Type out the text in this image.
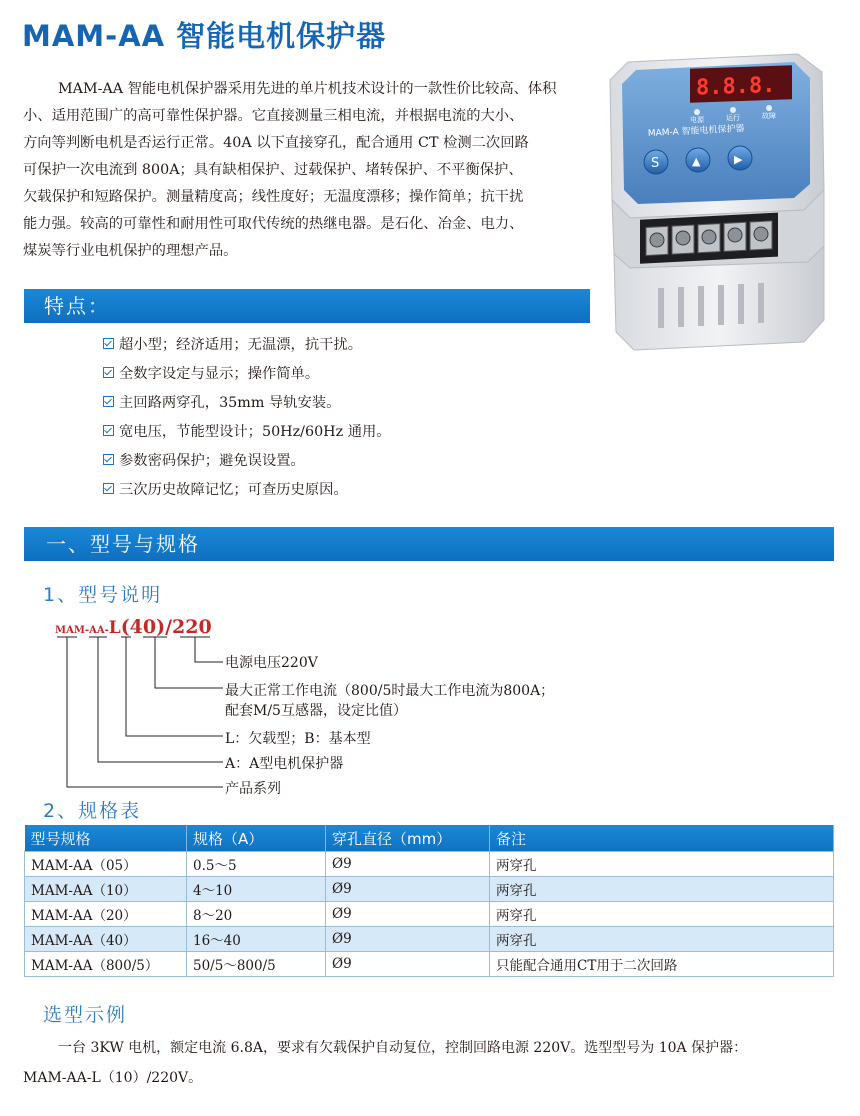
MAM-AA 智能电机保护器
MAM-AA 智能电机保护器采用先进的单片机技术设计的一款性价比较高、体积
小、适用范围广的高可靠性保护器。它直接测量三相电流，并根据电流的大小、
方向等判断电机是否运行正常。40A 以下直接穿孔，配合通用 CT 检测二次回路
可保护一次电流到 800A；具有缺相保护、过载保护、堵转保护、不平衡保护、
欠载保护和短路保护。测量精度高；线性度好；无温度漂移；操作简单；抗干扰
能力强。较高的可靠性和耐用性可取代传统的热继电器。是石化、冶金、电力、
煤炭等行业电机保护的理想产品。
8.8.8.
电源	运行	故障
MAM-A 智能电机保护器
S	▲	▶
特点：
超小型；经济适用；无温漂，抗干扰。
全数字设定与显示；操作简单。
主回路两穿孔，35mm 导轨安装。
宽电压，节能型设计；50Hz/60Hz 通用。
参数密码保护；避免误设置。
三次历史故障记忆；可查历史原因。
一、型号与规格
1、型号说明
MAM-AA-L(40)/220
电源电压220V
最大正常工作电流（800/5时最大工作电流为800A；
配套M/5互感器，设定比值）
L：欠载型；B：基本型
A：A型电机保护器
产品系列
2、规格表
型号规格	规格（A）	穿孔直径（mm）	备注
MAM-AA（05）	0.5～5	Ø9	两穿孔
MAM-AA（10）	4～10	Ø9	两穿孔
MAM-AA（20）	8～20	Ø9	两穿孔
MAM-AA（40）	16～40	Ø9	两穿孔
MAM-AA（800/5）	50/5～800/5	Ø9	只能配合通用CT用于二次回路
选型示例
一台 3KW 电机，额定电流 6.8A，要求有欠载保护自动复位，控制回路电源 220V。选型型号为 10A 保护器：
MAM-AA-L（10）/220V。
